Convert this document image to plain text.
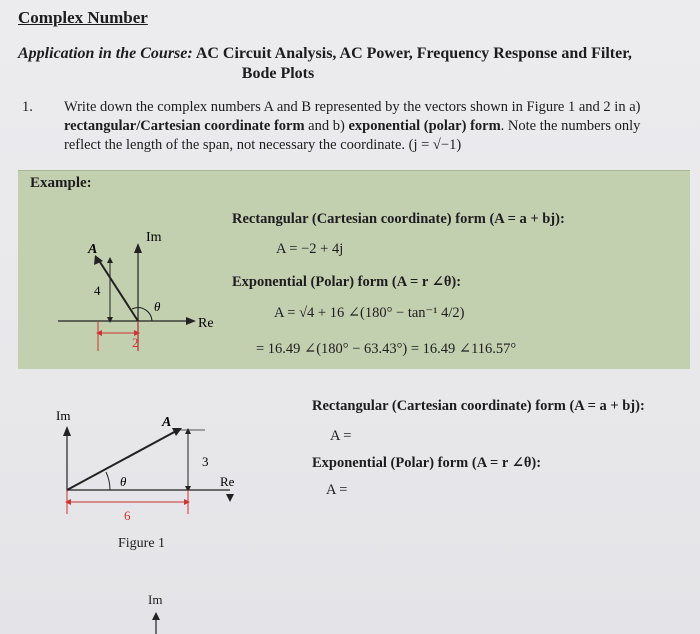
Complex Number
Application in the Course: AC Circuit Analysis, AC Power, Frequency Response and Filter,
Bode Plots
1. Write down the complex numbers A and B represented by the vectors shown in Figure 1 and 2 in a)
rectangular/Cartesian coordinate form and b) exponential (polar) form. Note the numbers only
reflect the length of the span, not necessary the coordinate. (j = √−1)
Example:
Im
Re
A
θ
4
2
Rectangular (Cartesian coordinate) form (A = a + bj):
A = −2 + 4j
Exponential (Polar) form (A = r ∠θ):
A = √4 + 16 ∠(180° − tan⁻¹ 4/2)
= 16.49 ∠(180° − 63.43°) = 16.49 ∠116.57°
Im	A
θ
3
6
Re
Figure 1
Rectangular (Cartesian coordinate) form (A = a + bj):
A =
Exponential (Polar) form (A = r ∠θ):
A =
Im
